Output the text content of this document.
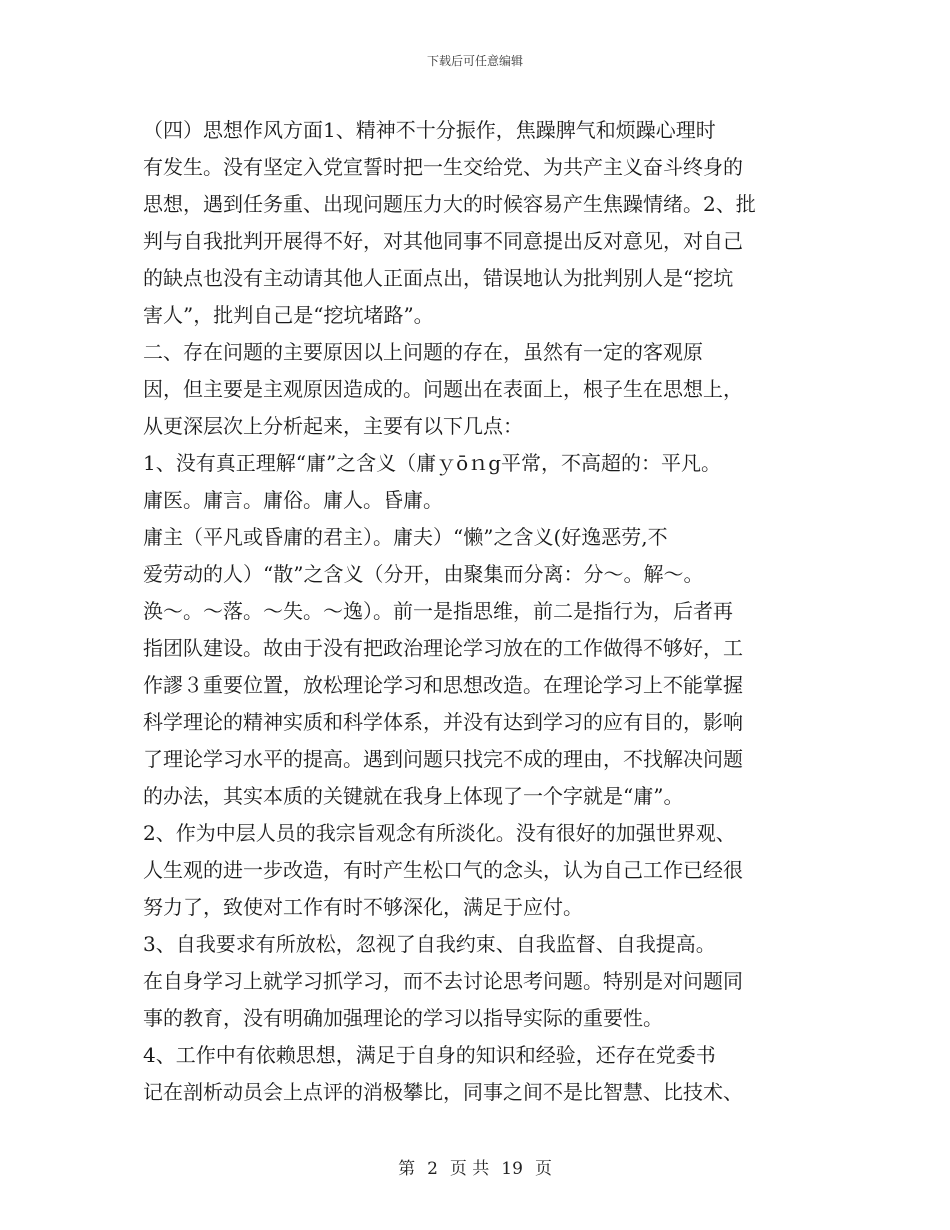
下载后可任意编辑
（四）思想作风方面1、精神不十分振作，焦躁脾气和烦躁心理时
有发生。没有坚定入党宣誓时把一生交给党、为共产主义奋斗终身的
思想，遇到任务重、出现问题压力大的时候容易产生焦躁情绪。2、批
判与自我批判开展得不好，对其他同事不同意提出反对意见，对自己
的缺点也没有主动请其他人正面点出，错误地认为批判别人是“挖坑
害人”，批判自己是“挖坑堵路”。
二、存在问题的主要原因以上问题的存在，虽然有一定的客观原
因，但主要是主观原因造成的。问题出在表面上，根子生在思想上，
从更深层次上分析起来，主要有以下几点：
1、没有真正理解“庸”之含义（庸ｙōｎg平常，不高超的：平凡。
庸医。庸言。庸俗。庸人。昏庸。
庸主（平凡或昏庸的君主）。庸夫）“懒”之含义(好逸恶劳,不
爱劳动的人）“散”之含义（分开，由聚集而分离：分～。解～。
涣～。～落。～失。～逸）。前一是指思维，前二是指行为，后者再
指团队建设。故由于没有把政治理论学习放在的工作做得不够好，工
作謬３重要位置，放松理论学习和思想改造。在理论学习上不能掌握
科学理论的精神实质和科学体系，并没有达到学习的应有目的，影响
了理论学习水平的提高。遇到问题只找完不成的理由，不找解决问题
的办法，其实本质的关键就在我身上体现了一个字就是“庸”。
2、作为中层人员的我宗旨观念有所淡化。没有很好的加强世界观、
人生观的进一步改造，有时产生松口气的念头，认为自己工作已经很
努力了，致使对工作有时不够深化，满足于应付。
3、自我要求有所放松，忽视了自我约束、自我监督、自我提高。
在自身学习上就学习抓学习，而不去讨论思考问题。特别是对问题同
事的教育，没有明确加强理论的学习以指导实际的重要性。
4、工作中有依赖思想，满足于自身的知识和经验，还存在党委书
记在剖析动员会上点评的消极攀比，同事之间不是比智慧、比技术、
第 2 页 共 19 页
